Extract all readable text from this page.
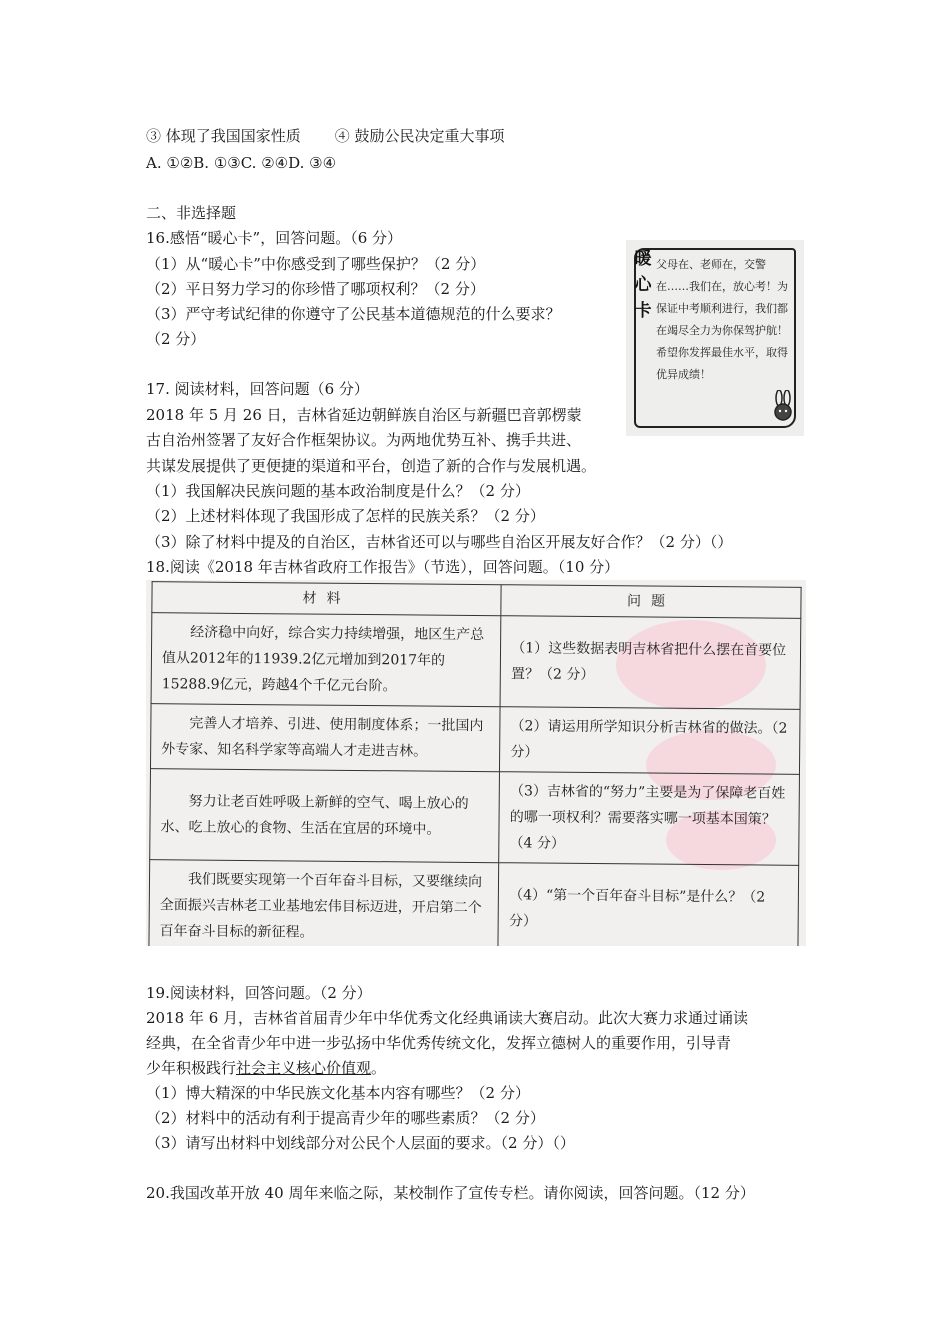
③ 体现了我国国家性质 ④ 鼓励公民决定重大事项
A. ①②B. ①③C. ②④D. ③④
二、非选择题
16.感悟“暖心卡”，回答问题。（6 分）
（1）从“暖心卡”中你感受到了哪些保护？（2 分）
（2）平日努力学习的你珍惜了哪项权利？（2 分）
（3）严守考试纪律的你遵守了公民基本道德规范的什么要求？
（2 分）
暖心卡
父母在、老师在，交警在……我们在，放心考！为保证中考顺利进行，我们都在竭尽全力为你保驾护航！希望你发挥最佳水平，取得优异成绩！
17. 阅读材料，回答问题（6 分）
2018 年 5 月 26 日，吉林省延边朝鲜族自治区与新疆巴音郭楞蒙
古自治州签署了友好合作框架协议。为两地优势互补、携手共进、
共谋发展提供了更便捷的渠道和平台，创造了新的合作与发展机遇。
（1）我国解决民族问题的基本政治制度是什么？（2 分）
（2）上述材料体现了我国形成了怎样的民族关系？（2 分）
（3）除了材料中提及的自治区，吉林省还可以与哪些自治区开展友好合作？（2 分）（）
18.阅读《2018 年吉林省政府工作报告》（节选），回答问题。（10 分）
材料	问题
经济稳中向好，综合实力持续增强，地区生产总值从2012年的11939.2亿元增加到2017年的15288.9亿元，跨越4个千亿元台阶。	（1）这些数据表明吉林省把什么摆在首要位置？（2 分）
完善人才培养、引进、使用制度体系；一批国内外专家、知名科学家等高端人才走进吉林。	（2）请运用所学知识分析吉林省的做法。（2 分）
努力让老百姓呼吸上新鲜的空气、喝上放心的水、吃上放心的食物、生活在宜居的环境中。	（3）吉林省的“努力”主要是为了保障老百姓的哪一项权利？需要落实哪一项基本国策？（4 分）
我们既要实现第一个百年奋斗目标，又要继续向全面振兴吉林老工业基地宏伟目标迈进，开启第二个百年奋斗目标的新征程。	（4）“第一个百年奋斗目标”是什么？（2 分）
19.阅读材料，回答问题。（2 分）
2018 年 6 月，吉林省首届青少年中华优秀文化经典诵读大赛启动。此次大赛力求通过诵读
经典，在全省青少年中进一步弘扬中华优秀传统文化，发挥立德树人的重要作用，引导青
少年积极践行社会主义核心价值观。
（1）博大精深的中华民族文化基本内容有哪些？（2 分）
（2）材料中的活动有利于提高青少年的哪些素质？（2 分）
（3）请写出材料中划线部分对公民个人层面的要求。（2 分）（）
20.我国改革开放 40 周年来临之际，某校制作了宣传专栏。请你阅读，回答问题。（12 分）
